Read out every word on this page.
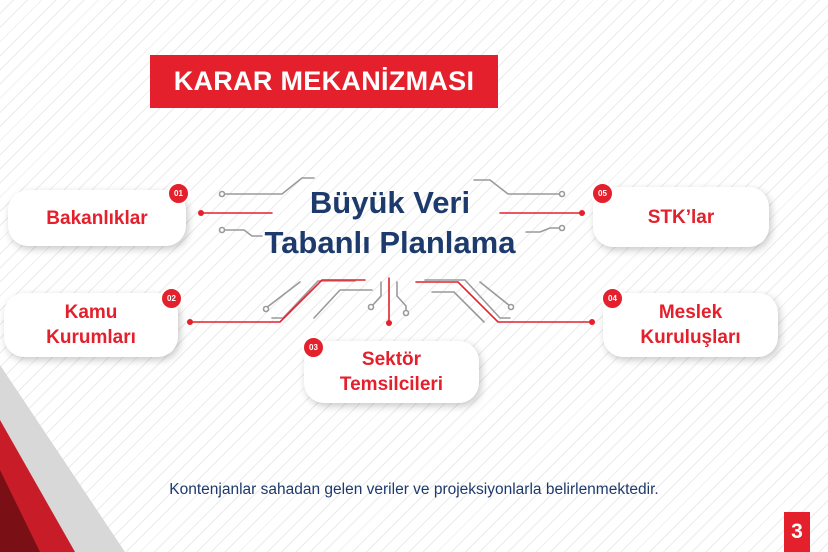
KARAR MEKANİZMASI
Büyük Veri
Tabanlı Planlama
Bakanlıklar
01
Kamu
Kurumları
02
Sektör
Temsilcileri
03
Meslek
Kuruluşları
04
STK’lar
05
Kontenjanlar sahadan gelen veriler ve projeksiyonlarla belirlenmektedir.
3
